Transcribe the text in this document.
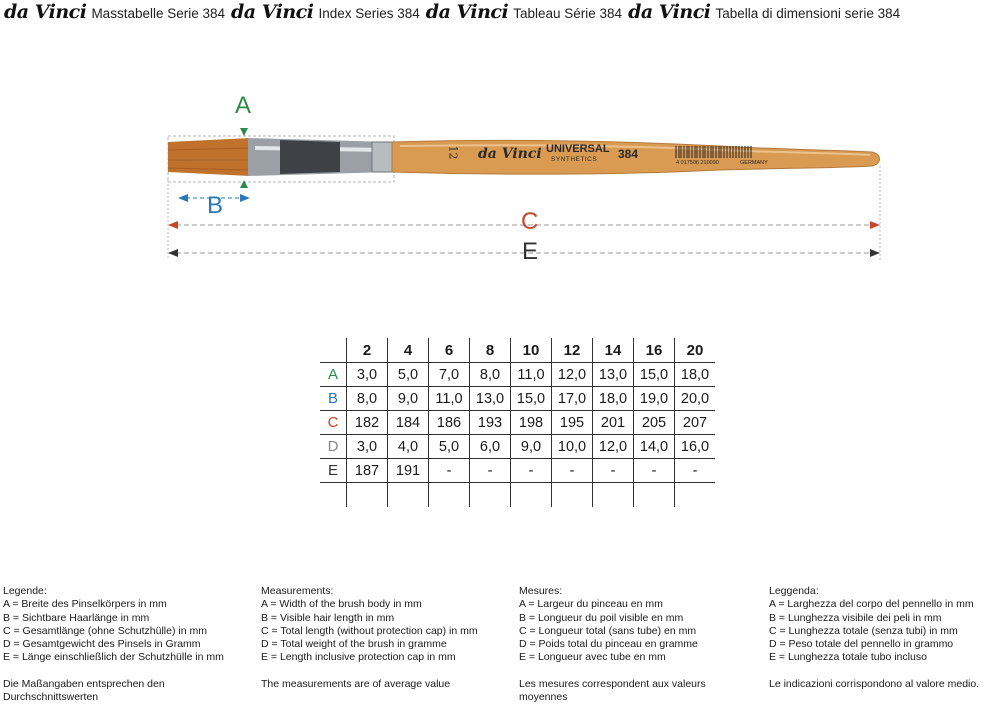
da Vinci Masstabelle Serie 384 da Vinci Index Series 384 da Vinci Tableau Série 384 da Vinci Tabella di dimensioni serie 384
A
B
C
E
12 da Vinci UNIVERSAL
SYNTHETICS 384
4 017506 210090	GERMANY
	2	4	6	8	10	12	14	16	20
A	3,0	5,0	7,0	8,0	11,0	12,0	13,0	15,0	18,0
B	8,0	9,0	11,0	13,0	15,0	17,0	18,0	19,0	20,0
C	182	184	186	193	198	195	201	205	207
D	3,0	4,0	5,0	6,0	9,0	10,0	12,0	14,0	16,0
E	187	191	-	-	-	-	-	-	-

Legende:
A = Breite des Pinselkörpers in mm
B = Sichtbare Haarlänge in mm
C = Gesamtlänge (ohne Schutzhülle) in mm
D = Gesamtgewicht des Pinsels in Gramm
E = Länge einschließlich der Schutzhülle in mm
Die Maßangaben entsprechen den
Durchschnittswerten
Measurements:
A = Width of the brush body in mm
B = Visible hair length in mm
C = Total length (without protection cap) in mm
D = Total weight of the brush in gramme
E = Length inclusive protection cap in mm
The measurements are of average value
Mesures:
A = Largeur du pinceau en mm
B = Longueur du poil visible en mm
C = Longueur total (sans tube) en mm
D = Poids total du pinceau en gramme
E = Longueur avec tube en mm
Les mesures correspondent aux valeurs
moyennes
Leggenda:
A = Larghezza del corpo del pennello in mm
B = Lunghezza visibile dei peli in mm
C = Lunghezza totale (senza tubi) in mm
D = Peso totale del pennello in grammo
E = Lunghezza totale tubo incluso
Le indicazioni corrispondono al valore medio.
